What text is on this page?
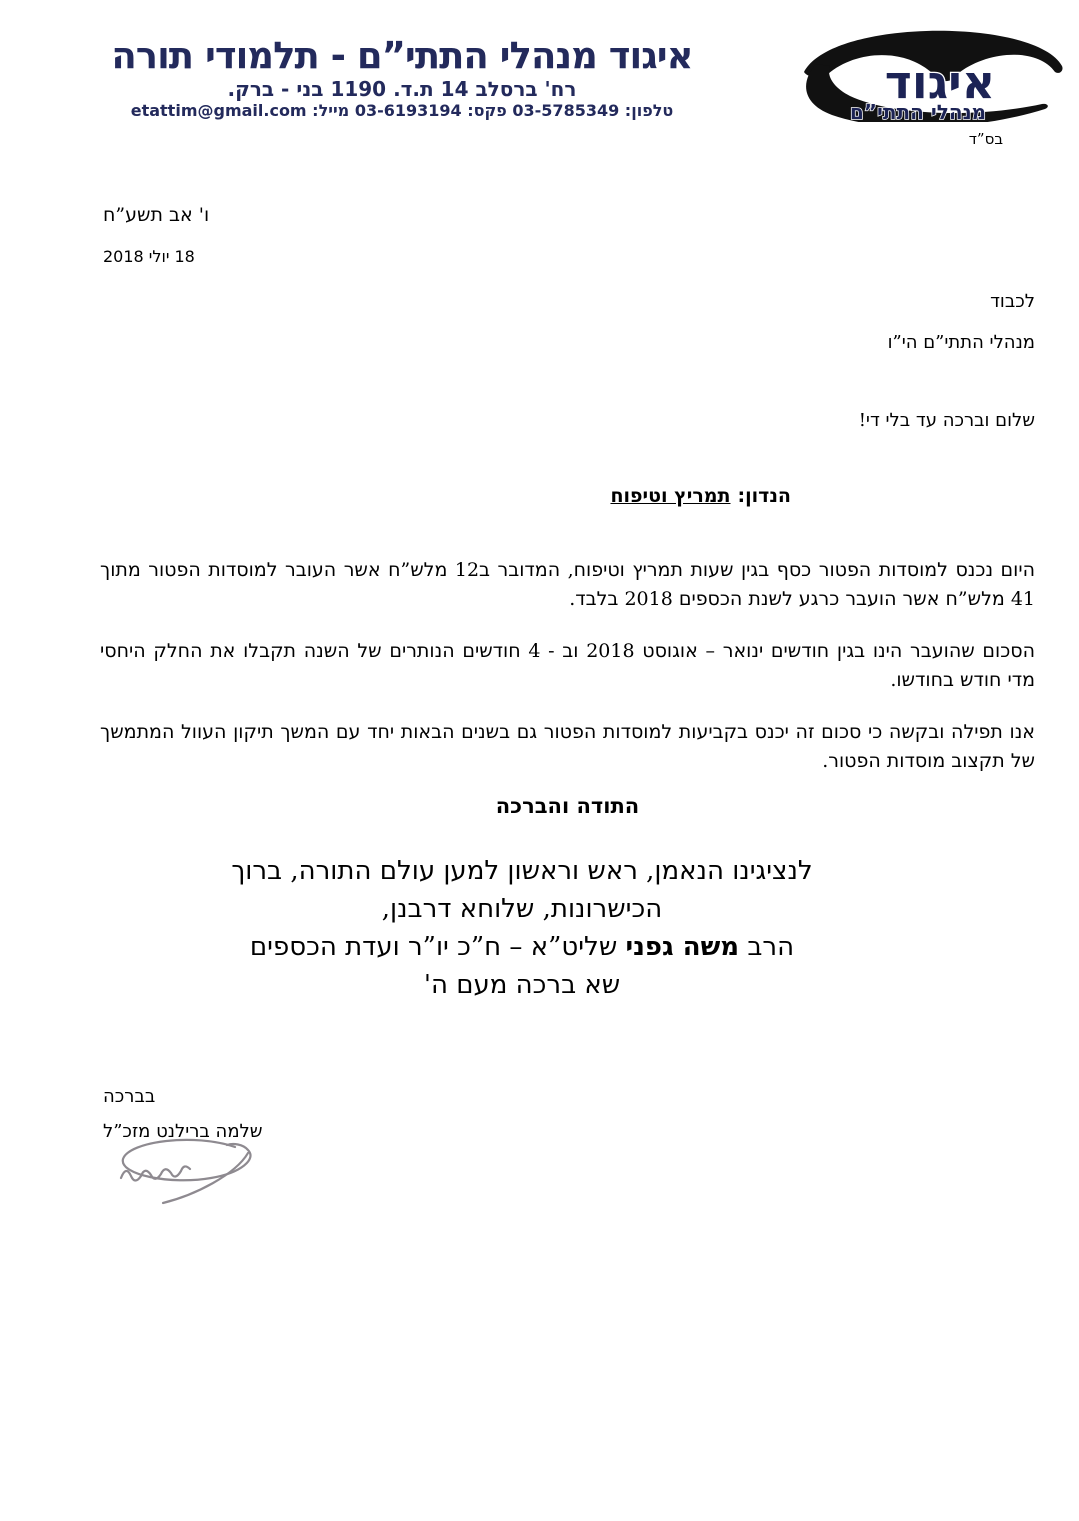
איגוד מנהלי התתי”ם - תלמודי תורה
רח' ברסלב 14 ת.ד. 1190 בני - ברק.
טלפון: 03-5785349 פקס: 03-6193194 מייל: etattim@gmail.com
איגוד
מנהלי התתי”ם
בס”ד
ו' אב תשע”ח
18 יולי 2018
לכבוד
מנהלי התתי”ם הי”ו
שלום וברכה עד בלי די!
הנדון:תמריץ וטיפוח

היום נכנס למוסדות הפטור כסף בגין שעות תמריץ וטיפוח, המדובר ב12 מלש”ח אשר העובר למוסדות הפטור מתוך 41 מלש”ח אשר הועבר כרגע לשנת הכספים 2018 בלבד.

הסכום שהועבר הינו בגין חודשים ינואר – אוגוסט 2018 וב - 4 חודשים הנותרים של השנה תקבלו את החלק היחסי מדי חודש בחודשו.

אנו תפילה ובקשה כי סכום זה יכנס בקביעות למוסדות הפטור גם בשנים הבאות יחד עם המשך תיקון העוול המתמשך של תקצוב מוסדות הפטור.

התודה והברכה
לנציגינו הנאמן, ראש וראשון למען עולם התורה, ברוך
הכישרונות, שלוחא דרבנן,
הרב משה גפני שליט”א – ח”כ יו”ר ועדת הכספים
שא ברכה מעם ה'
בברכה
שלמה ברילנט מזכ”ל
